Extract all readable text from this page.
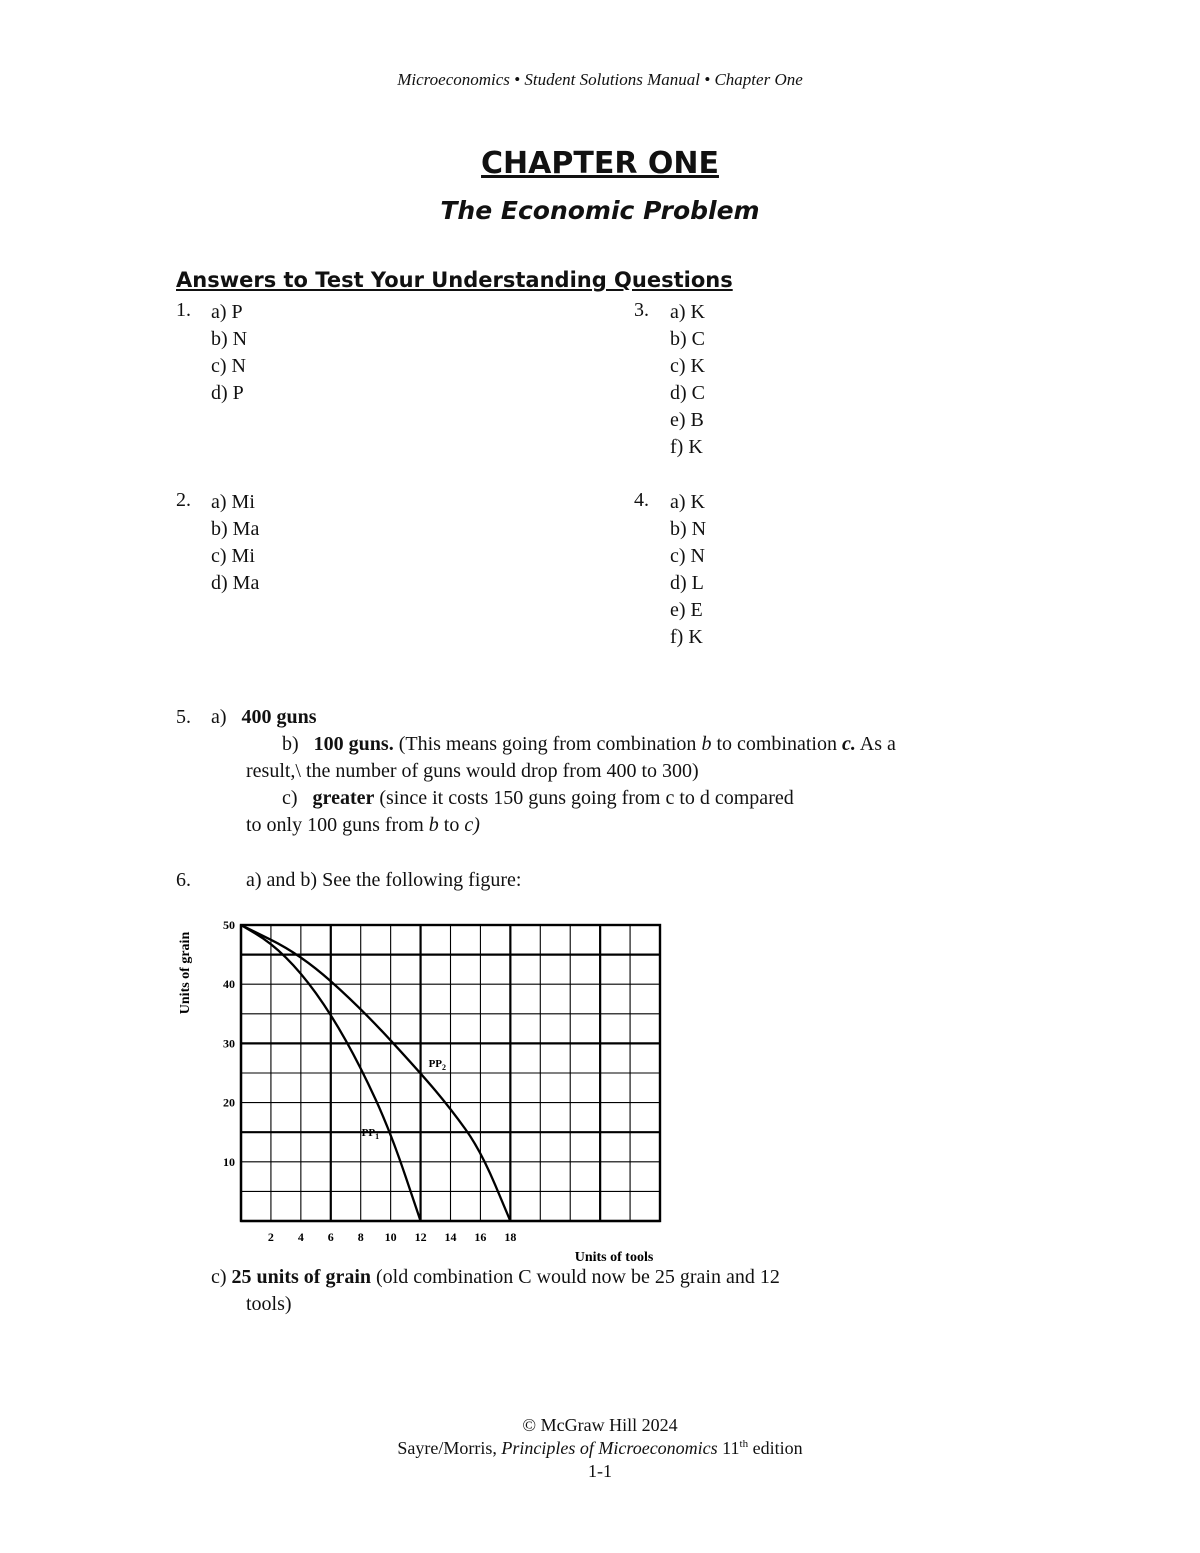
Microeconomics • Student Solutions Manual • Chapter One
CHAPTER ONE
The Economic Problem
Answers to Test Your Understanding Questions
1. a) P
b) N
c) N
d) P
3. a) K
b) C
c) K
d) C
e) B
f) K
2. a) Mi
b) Ma
c) Mi
d) Ma
4. a) K
b) N
c) N
d) L
e) E
f) K
5. a) 400 guns
b) 100 guns. (This means going from combination b to combination c. As a
result,\ the number of guns would drop from 400 to 300)
c) greater (since it costs 150 guns going from c to d compared
to only 100 guns from b to c)
6.	a) and b) See the following figure:
$PP_1$
$PP_2$
2 4 6 8 10 12 14 16 18
10
20
30
40
50
Units of grain
Units of tools
c) 25 units of grain (old combination C would now be 25 grain and 12
tools)
© McGraw Hill 2024
Sayre/Morris, Principles of Microeconomics 11th edition
1-1
